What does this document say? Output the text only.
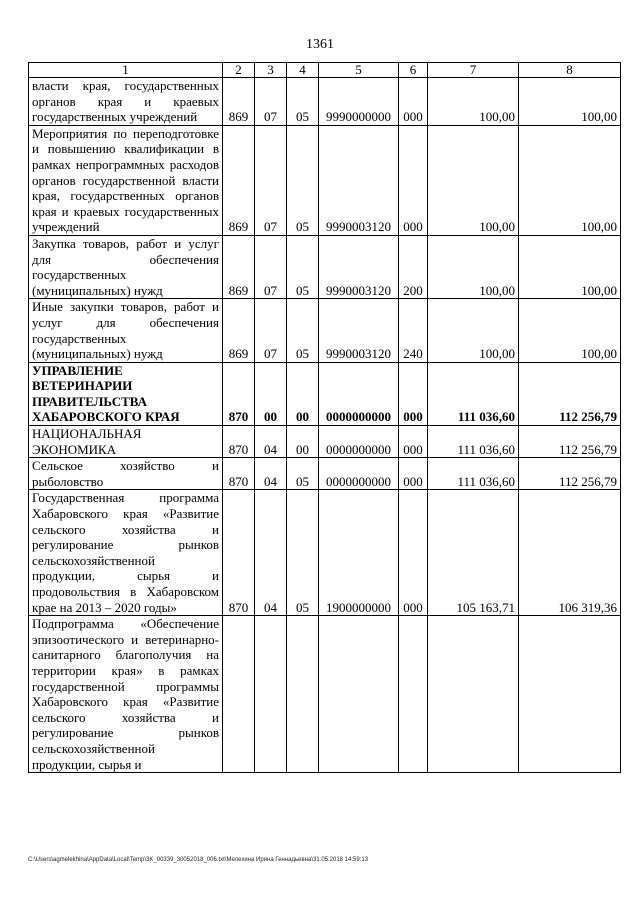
1361
1	2	3	4	5	6	7	8
власти края, государственных органов края и краевых государственных учреждений	869	07	05	9990000000	000	100,00	100,00
Мероприятия по переподготовке и повышению квалификации в рамках непрограммных расходов органов государственной власти края, государственных органов края и краевых государственных учреждений	869	07	05	9990003120	000	100,00	100,00
Закупка товаров, работ и услуг для обеспечения государственных (муниципальных) нужд	869	07	05	9990003120	200	100,00	100,00
Иные закупки товаров, работ и услуг для обеспечения государственных (муниципальных) нужд	869	07	05	9990003120	240	100,00	100,00
УПРАВЛЕНИЕ ВЕТЕРИНАРИИ ПРАВИТЕЛЬСТВА ХАБАРОВСКОГО КРАЯ	870	00	00	0000000000	000	111 036,60	112 256,79
НАЦИОНАЛЬНАЯ ЭКОНОМИКА	870	04	00	0000000000	000	111 036,60	112 256,79
Сельское хозяйство и рыболовство	870	04	05	0000000000	000	111 036,60	112 256,79
Государственная программа Хабаровского края «Развитие сельского хозяйства и регулирование рынков сельскохозяйственной продукции, сырья и продовольствия в Хабаровском крае на 2013 – 2020 годы»	870	04	05	1900000000	000	105 163,71	106 319,36
Подпрограмма «Обеспечение эпизоотического и ветеринарно-санитарного благополучия на территории края» в рамках государственной программы Хабаровского края «Развитие сельского хозяйства и регулирование рынков сельскохозяйственной продукции, сырья и							
C:\Users\agmelekhina\AppData\Local\Temp\3K_00339_30052018_006.txt\Мелехина Ирина Геннадьевна\31.05.2018 14:59:13
